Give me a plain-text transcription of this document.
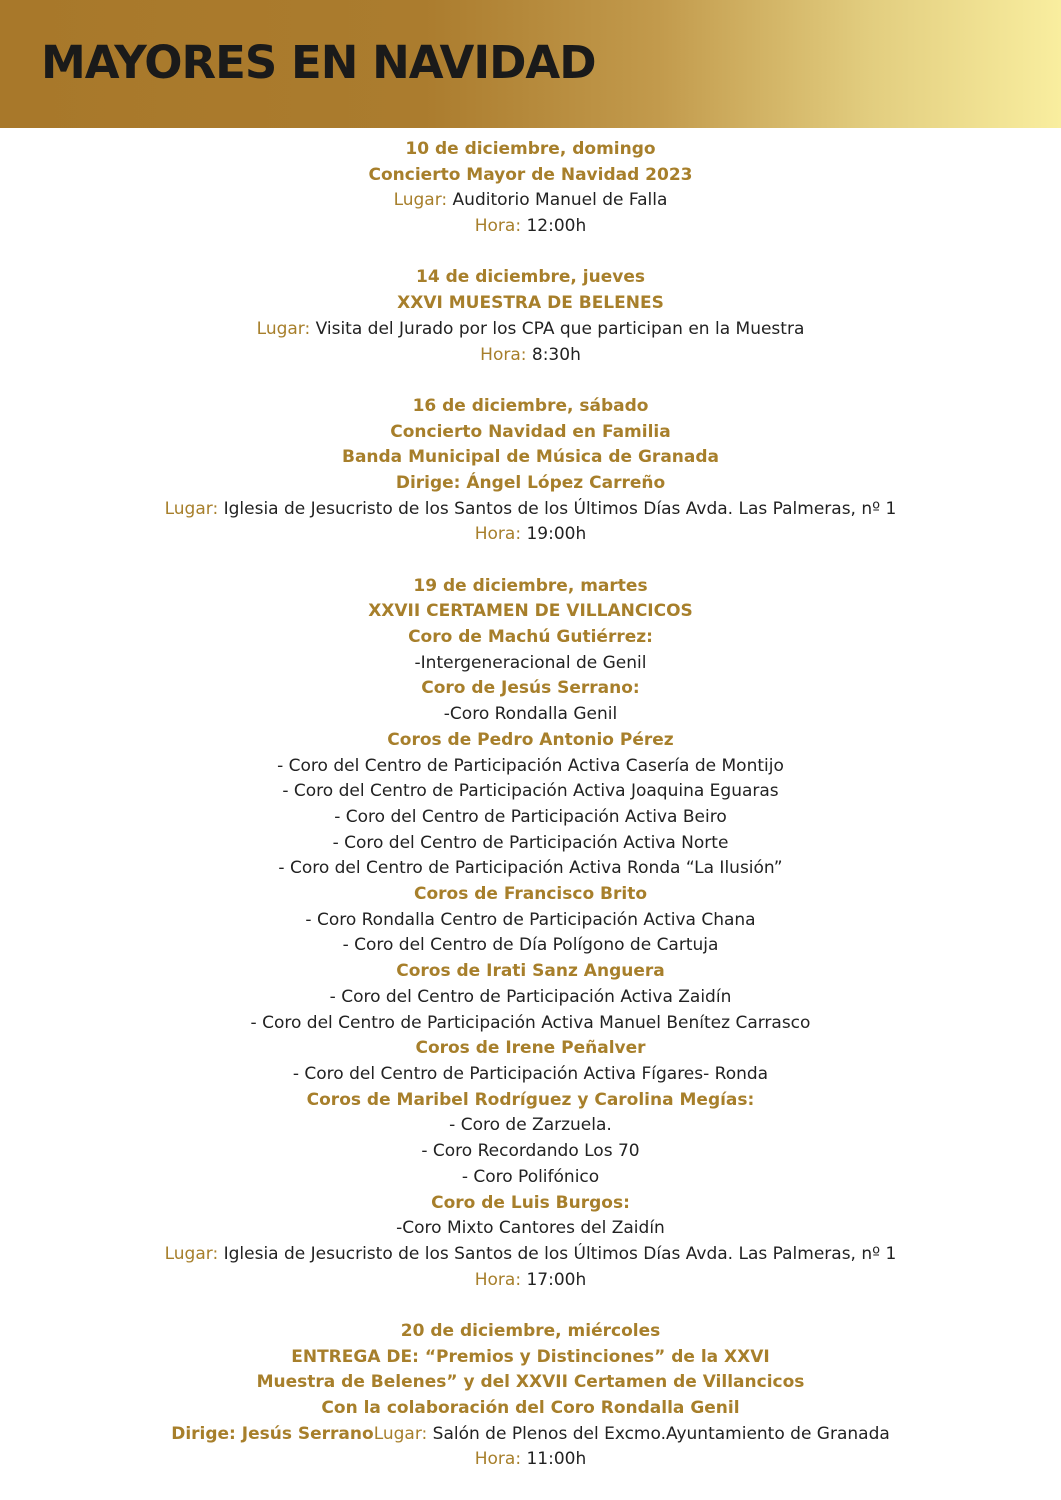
MAYORES EN NAVIDAD

10 de diciembre, domingo

Concierto Mayor de Navidad 2023

Lugar: Auditorio Manuel de Falla

Hora: 12:00h

14 de diciembre, jueves

XXVI MUESTRA DE BELENES

Lugar: Visita del Jurado por los CPA que participan en la Muestra

Hora: 8:30h

16 de diciembre, sábado

Concierto Navidad en Familia

Banda Municipal de Música de Granada

Dirige: Ángel López Carreño

Lugar: Iglesia de Jesucristo de los Santos de los Últimos Días Avda. Las Palmeras, nº 1

Hora: 19:00h

19 de diciembre, martes

XXVII CERTAMEN DE VILLANCICOS

Coro de Machú Gutiérrez:

-Intergeneracional de Genil

Coro de Jesús Serrano:

-Coro Rondalla Genil

Coros de Pedro Antonio Pérez

- Coro del Centro de Participación Activa Casería de Montijo

- Coro del Centro de Participación Activa Joaquina Eguaras

- Coro del Centro de Participación Activa Beiro

- Coro del Centro de Participación Activa Norte

- Coro del Centro de Participación Activa Ronda “La Ilusión”

Coros de Francisco Brito

- Coro Rondalla Centro de Participación Activa Chana

- Coro del Centro de Día Polígono de Cartuja

Coros de Irati Sanz Anguera

- Coro del Centro de Participación Activa Zaidín

- Coro del Centro de Participación Activa Manuel Benítez Carrasco

Coros de Irene Peñalver

- Coro del Centro de Participación Activa Fígares- Ronda

Coros de Maribel Rodríguez y Carolina Megías:

- Coro de Zarzuela.

- Coro Recordando Los 70

- Coro Polifónico

Coro de Luis Burgos:

-Coro Mixto Cantores del Zaidín

Lugar: Iglesia de Jesucristo de los Santos de los Últimos Días Avda. Las Palmeras, nº 1

Hora: 17:00h

20 de diciembre, miércoles

ENTREGA DE: “Premios y Distinciones” de la XXVI

Muestra de Belenes” y del XXVII Certamen de Villancicos

Con la colaboración del Coro Rondalla Genil

Dirige: Jesús SerranoLugar: Salón de Plenos del Excmo.Ayuntamiento de Granada

Hora: 11:00h
